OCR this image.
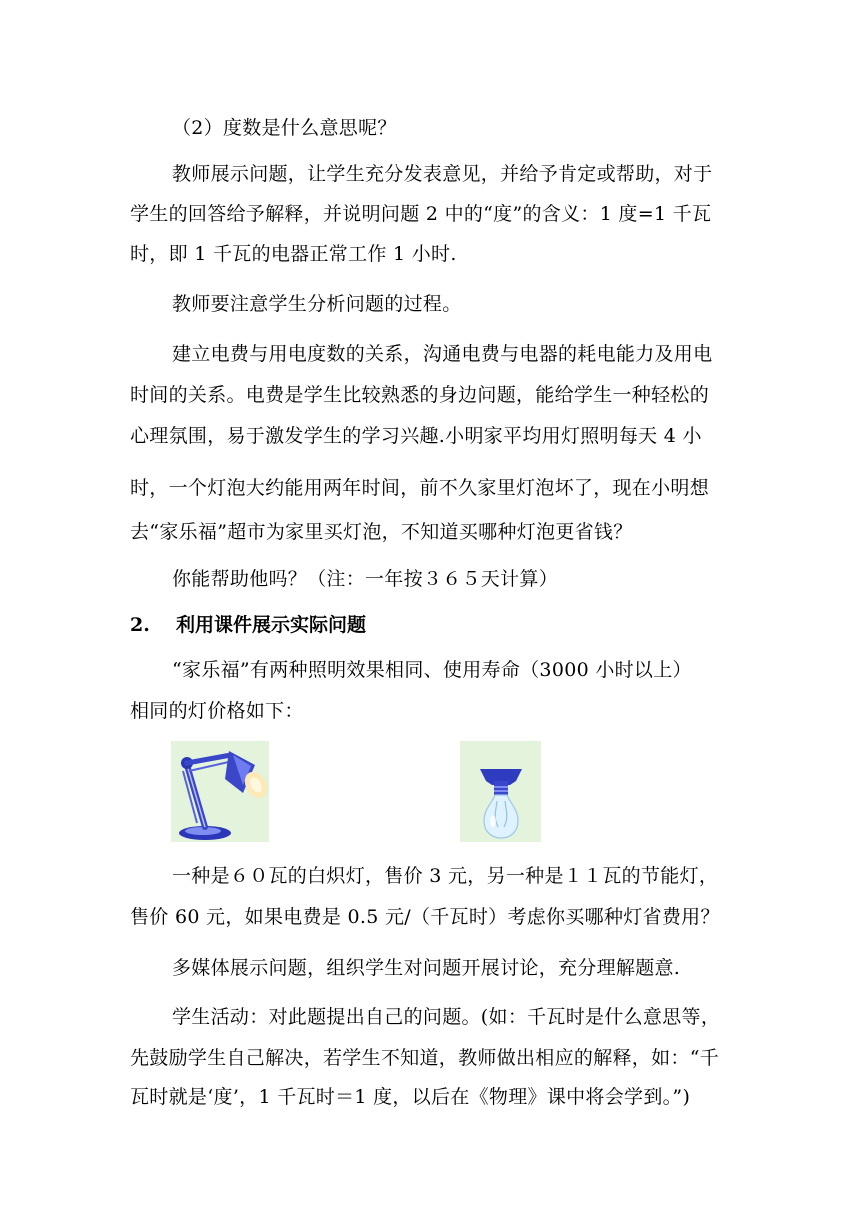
（2）度数是什么意思呢？
教师展示问题，让学生充分发表意见，并给予肯定或帮助，对于
学生的回答给予解释，并说明问题 2 中的“度”的含义：1 度=1 千瓦
时，即 1 千瓦的电器正常工作 1 小时.
教师要注意学生分析问题的过程。
建立电费与用电度数的关系，沟通电费与电器的耗电能力及用电
时间的关系。电费是学生比较熟悉的身边问题，能给学生一种轻松的
心理氛围，易于激发学生的学习兴趣.小明家平均用灯照明每天 4 小
时，一个灯泡大约能用两年时间，前不久家里灯泡坏了，现在小明想
去“家乐福”超市为家里买灯泡，不知道买哪种灯泡更省钱？
你能帮助他吗？（注：一年按３６５天计算）
2. 利用课件展示实际问题
“家乐福”有两种照明效果相同、使用寿命（3000 小时以上）
相同的灯价格如下：
一种是６０瓦的白炽灯，售价 3 元，另一种是１１瓦的节能灯，
售价 60 元，如果电费是 0.5 元/（千瓦时）考虑你买哪种灯省费用？
多媒体展示问题，组织学生对问题开展讨论，充分理解题意.
学生活动：对此题提出自己的问题。(如：千瓦时是什么意思等，
先鼓励学生自己解决，若学生不知道，教师做出相应的解释，如：“千
瓦时就是‘度’，1 千瓦时＝1 度，以后在《物理》课中将会学到。”)
